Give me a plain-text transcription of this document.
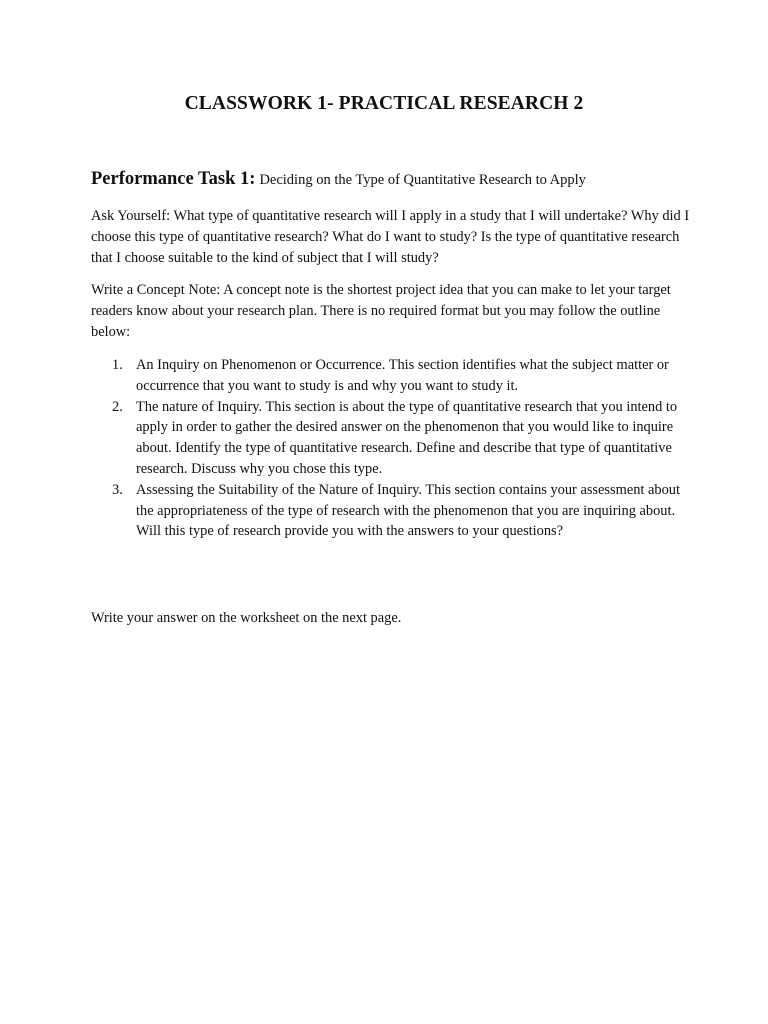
CLASSWORK 1- PRACTICAL RESEARCH 2

Performance Task 1: Deciding on the Type of Quantitative Research to Apply

Ask Yourself: What type of quantitative research will I apply in a study that I will undertake? Why did I choose this type of quantitative research? What do I want to study? Is the type of quantitative research that I choose suitable to the kind of subject that I will study?

Write a Concept Note: A concept note is the shortest project idea that you can make to let your target readers know about your research plan. There is no required format but you may follow the outline below:

1. An Inquiry on Phenomenon or Occurrence. This section identifies what the subject matter or occurrence that you want to study is and why you want to study it.
2. The nature of Inquiry. This section is about the type of quantitative research that you intend to apply in order to gather the desired answer on the phenomenon that you would like to inquire about. Identify the type of quantitative research. Define and describe that type of quantitative research. Discuss why you chose this type.
3. Assessing the Suitability of the Nature of Inquiry. This section contains your assessment about the appropriateness of the type of research with the phenomenon that you are inquiring about. Will this type of research provide you with the answers to your questions?

Write your answer on the worksheet on the next page.
